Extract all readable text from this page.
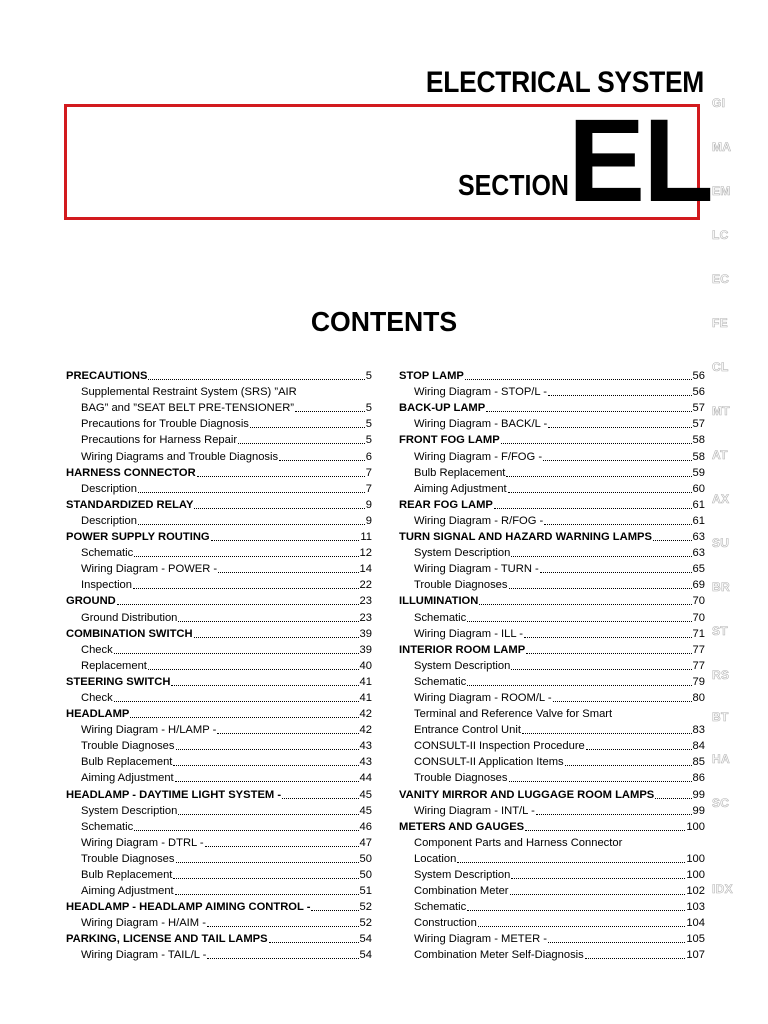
ELECTRICAL SYSTEM
SECTION EL GI
MA
EM
LC
EC
FE
CL
MT
AT
AX
SU
BR
ST
RS
BT
HA
SC
IDX
CONTENTS
PRECAUTIONS	5
Supplemental Restraint System (SRS) ”AIR
BAG” and ”SEAT BELT PRE-TENSIONER”	5
Precautions for Trouble Diagnosis	5
Precautions for Harness Repair	5
Wiring Diagrams and Trouble Diagnosis	6
HARNESS CONNECTOR	7
Description	7
STANDARDIZED RELAY	9
Description	9
POWER SUPPLY ROUTING	11
Schematic	12
Wiring Diagram - POWER -	14
Inspection	22
GROUND	23
Ground Distribution	23
COMBINATION SWITCH	39
Check	39
Replacement	40
STEERING SWITCH	41
Check	41
HEADLAMP	42
Wiring Diagram - H/LAMP -	42
Trouble Diagnoses	43
Bulb Replacement	43
Aiming Adjustment	44
HEADLAMP - DAYTIME LIGHT SYSTEM -	45
System Description	45
Schematic	46
Wiring Diagram - DTRL -	47
Trouble Diagnoses	50
Bulb Replacement	50
Aiming Adjustment	51
HEADLAMP - HEADLAMP AIMING CONTROL -	52
Wiring Diagram - H/AIM -	52
PARKING, LICENSE AND TAIL LAMPS	54
Wiring Diagram - TAIL/L -	54
STOP LAMP	56
Wiring Diagram - STOP/L -	56
BACK-UP LAMP	57
Wiring Diagram - BACK/L -	57
FRONT FOG LAMP	58
Wiring Diagram - F/FOG -	58
Bulb Replacement	59
Aiming Adjustment	60
REAR FOG LAMP	61
Wiring Diagram - R/FOG -	61
TURN SIGNAL AND HAZARD WARNING LAMPS	63
System Description	63
Wiring Diagram - TURN -	65
Trouble Diagnoses	69
ILLUMINATION	70
Schematic	70
Wiring Diagram - ILL -	71
INTERIOR ROOM LAMP	77
System Description	77
Schematic	79
Wiring Diagram - ROOM/L -	80
Terminal and Reference Valve for Smart
Entrance Control Unit	83
CONSULT-II Inspection Procedure	84
CONSULT-II Application Items	85
Trouble Diagnoses	86
VANITY MIRROR AND LUGGAGE ROOM LAMPS	99
Wiring Diagram - INT/L -	99
METERS AND GAUGES	100
Component Parts and Harness Connector
Location	100
System Description	100
Combination Meter	102
Schematic	103
Construction	104
Wiring Diagram - METER -	105
Combination Meter Self-Diagnosis	107
